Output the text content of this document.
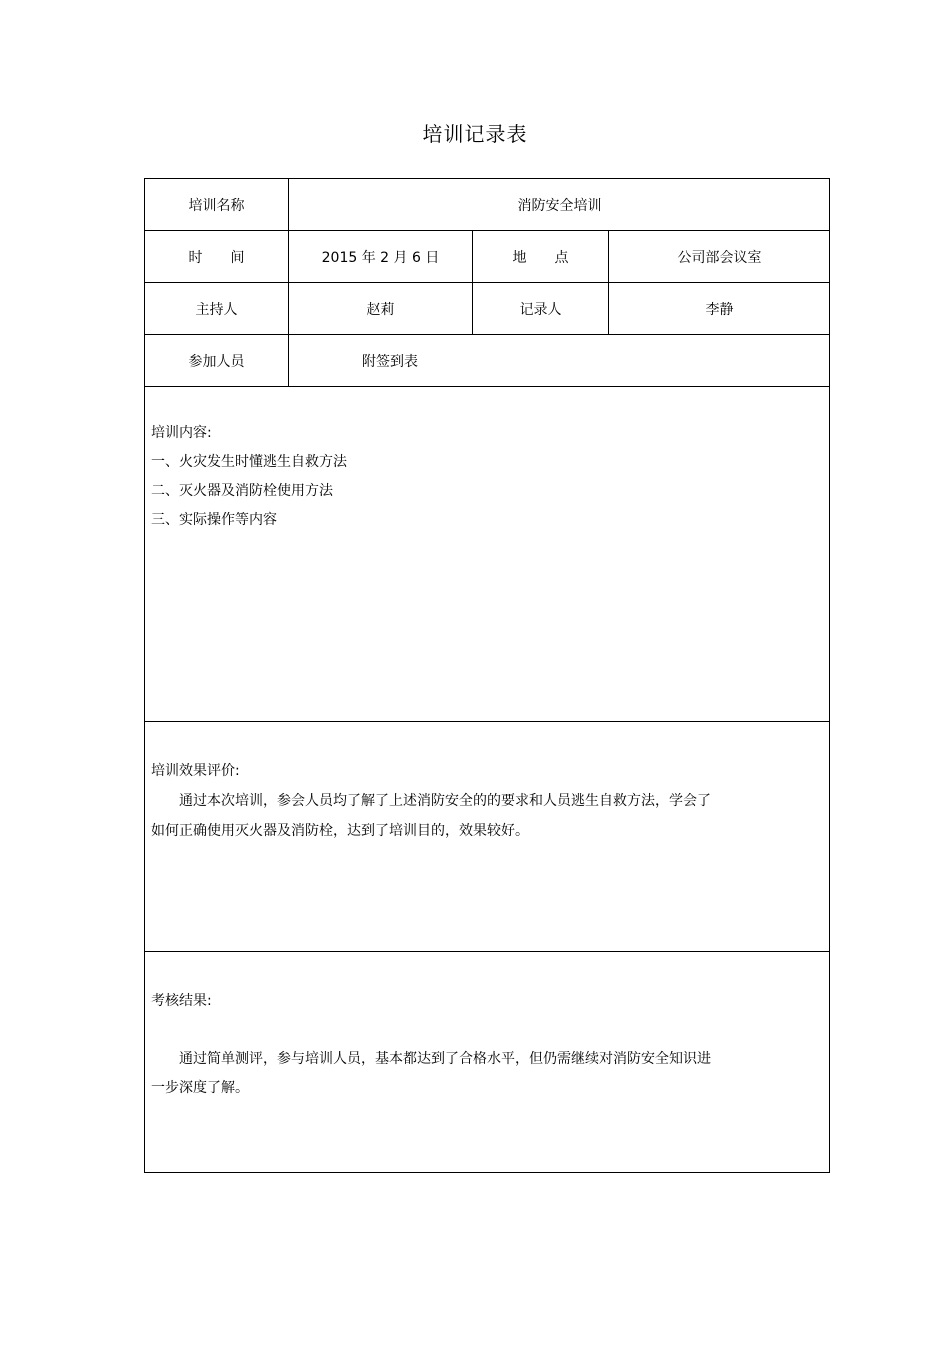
培训记录表
培训名称	消防安全培训
时　　间	2015 年 2 月 6 日	地　　点	公司部会议室
主持人	赵莉	记录人	李静
参加人员	附签到表
培训内容:
一、火灾发生时懂逃生自救方法
二、灭火器及消防栓使用方法
三、实际操作等内容
培训效果评价:
通过本次培训，参会人员均了解了上述消防安全的的要求和人员逃生自救方法，学会了
如何正确使用灭火器及消防栓，达到了培训目的，效果较好。
考核结果:
通过简单测评，参与培训人员，基本都达到了合格水平，但仍需继续对消防安全知识进
一步深度了解。
